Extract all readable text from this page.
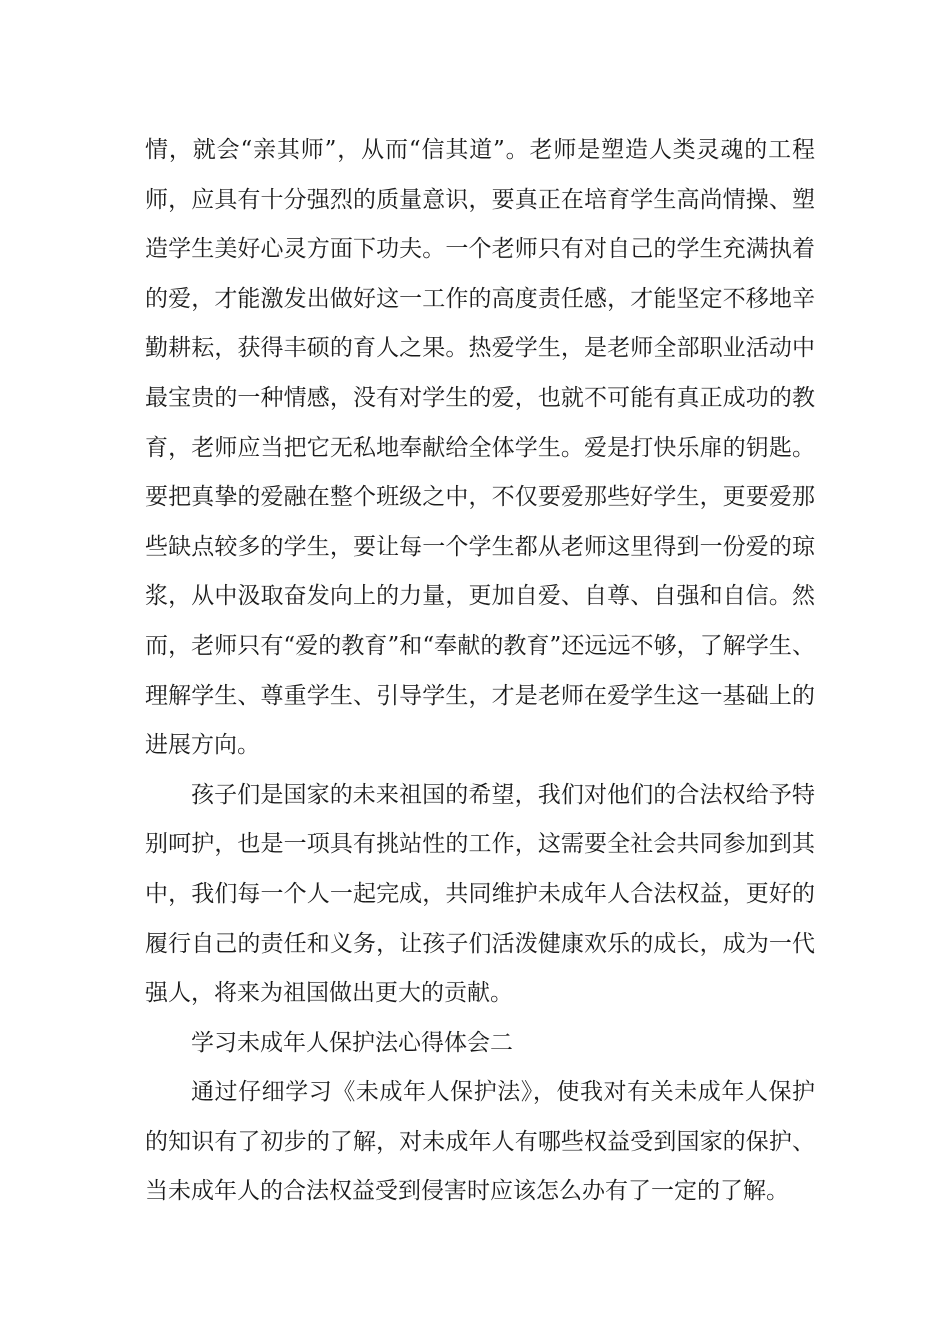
情，就会“亲其师”，从而“信其道”。老师是塑造人类灵魂的工程师，应具有十分强烈的质量意识，要真正在培育学生高尚情操、塑造学生美好心灵方面下功夫。一个老师只有对自己的学生充满执着的爱，才能激发出做好这一工作的高度责任感，才能坚定不移地辛勤耕耘，获得丰硕的育人之果。热爱学生，是老师全部职业活动中最宝贵的一种情感，没有对学生的爱，也就不可能有真正成功的教育，老师应当把它无私地奉献给全体学生。爱是打快乐扉的钥匙。要把真挚的爱融在整个班级之中，不仅要爱那些好学生，更要爱那些缺点较多的学生，要让每一个学生都从老师这里得到一份爱的琼浆，从中汲取奋发向上的力量，更加自爱、自尊、自强和自信。然而，老师只有“爱的教育”和“奉献的教育”还远远不够，了解学生、理解学生、尊重学生、引导学生，才是老师在爱学生这一基础上的进展方向。

孩子们是国家的未来祖国的希望，我们对他们的合法权给予特别呵护，也是一项具有挑站性的工作，这需要全社会共同参加到其中，我们每一个人一起完成，共同维护未成年人合法权益，更好的履行自己的责任和义务，让孩子们活泼健康欢乐的成长，成为一代强人，将来为祖国做出更大的贡献。

学习未成年人保护法心得体会二

通过仔细学习《未成年人保护法》，使我对有关未成年人保护的知识有了初步的了解，对未成年人有哪些权益受到国家的保护、当未成年人的合法权益受到侵害时应该怎么办有了一定的了解。
